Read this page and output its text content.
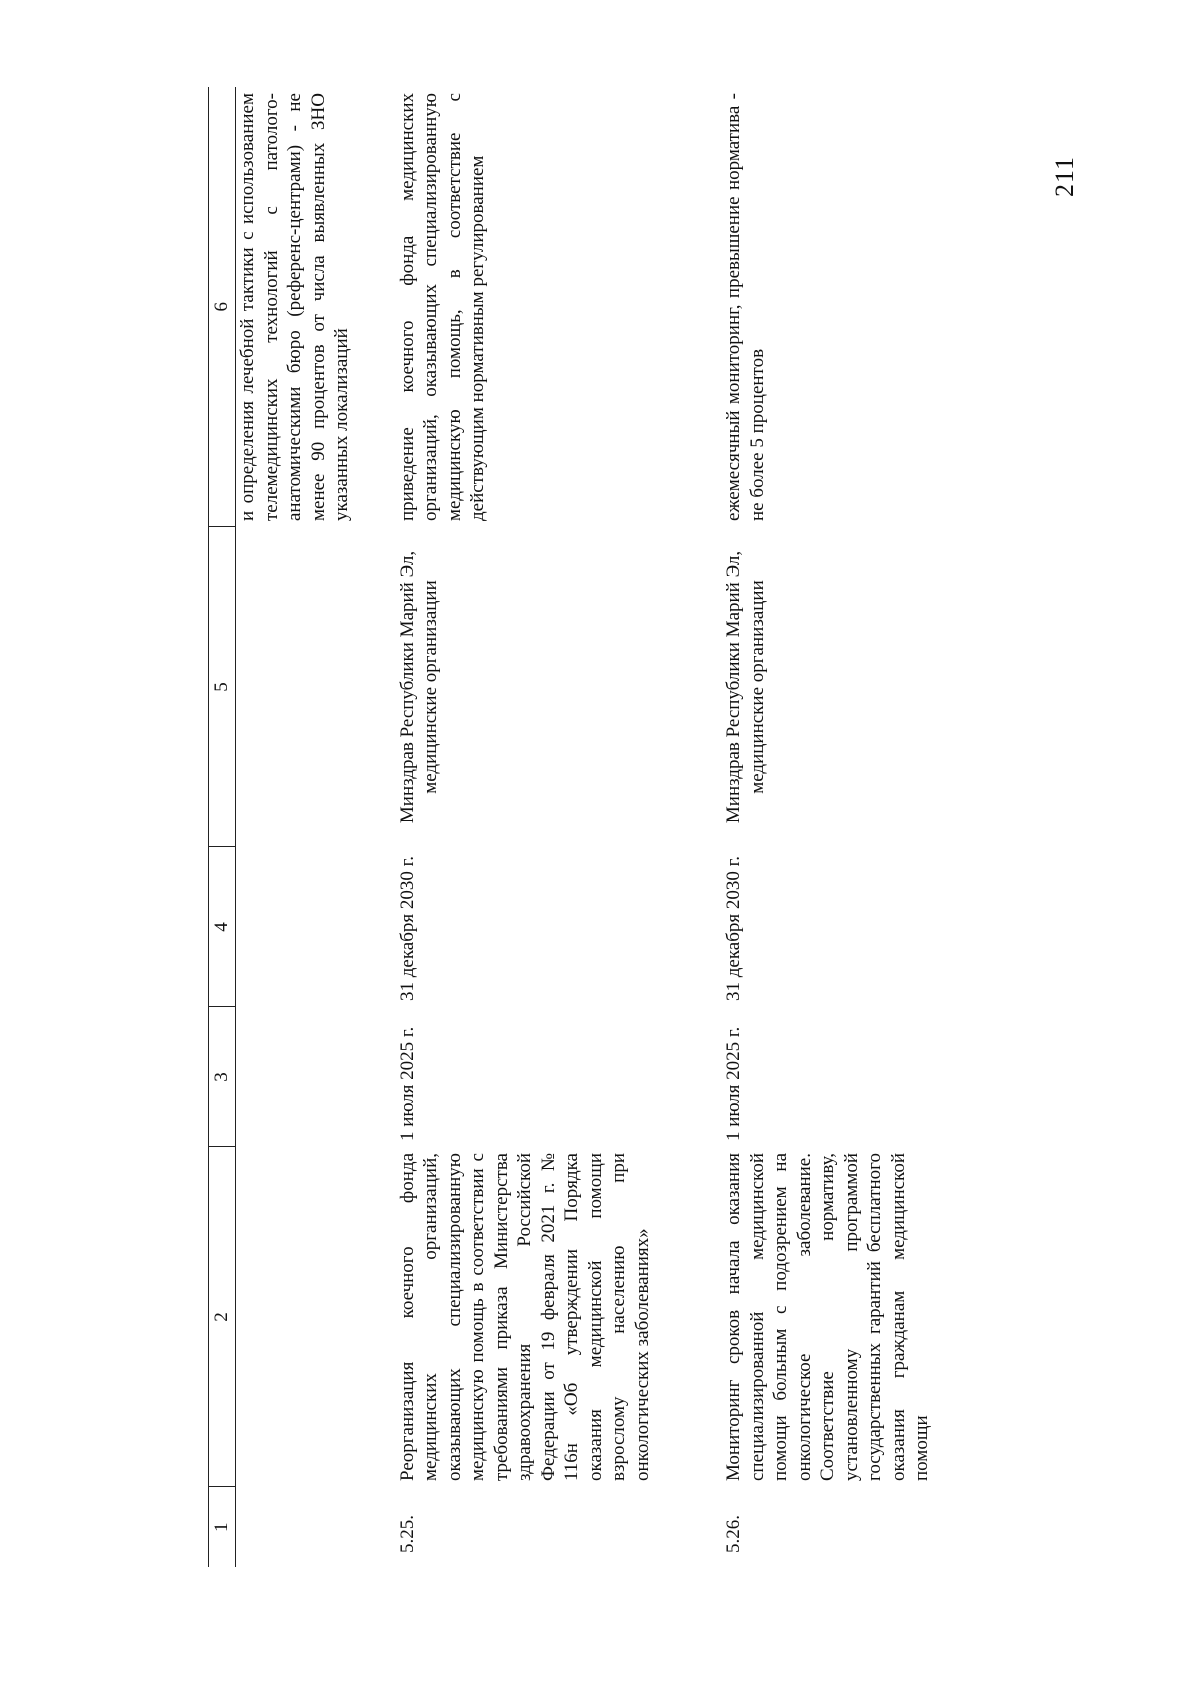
211
1	2	3	4	5	6
					и определения лечебной тактики с использованием телемедицинских технологий с патолого-анатомическими бюро (референс-центрами) - не менее 90 процентов от числа выявленных ЗНО указанных локализаций
5.25.	Реорганизация коечного фонда медицинских организаций, оказывающих специализированную медицинскую помощь в соответствии с требованиями приказа Министерства здравоохранения Российской Федерации от 19 февраля 2021 г. № 116н «Об утверждении Порядка оказания медицинской помощи взрослому населению при онкологических заболеваниях»	1 июля 2025 г.	31 декабря 2030 г.	Минздрав Республики Марий Эл, медицинские организации	приведение коечного фонда медицинских организаций, оказывающих специализированную медицинскую помощь, в соответствие с действующим нормативным регулированием
5.26.	Мониторинг сроков начала оказания специализированной медицинской помощи больным с подозрением на онкологическое заболевание. Соответствие нормативу, установленному программой государственных гарантий бесплатного оказания гражданам медицинской помощи	1 июля 2025 г.	31 декабря 2030 г.	Минздрав Республики Марий Эл, медицинские организации	ежемесячный мониторинг, превышение норматива - не более 5 процентов
